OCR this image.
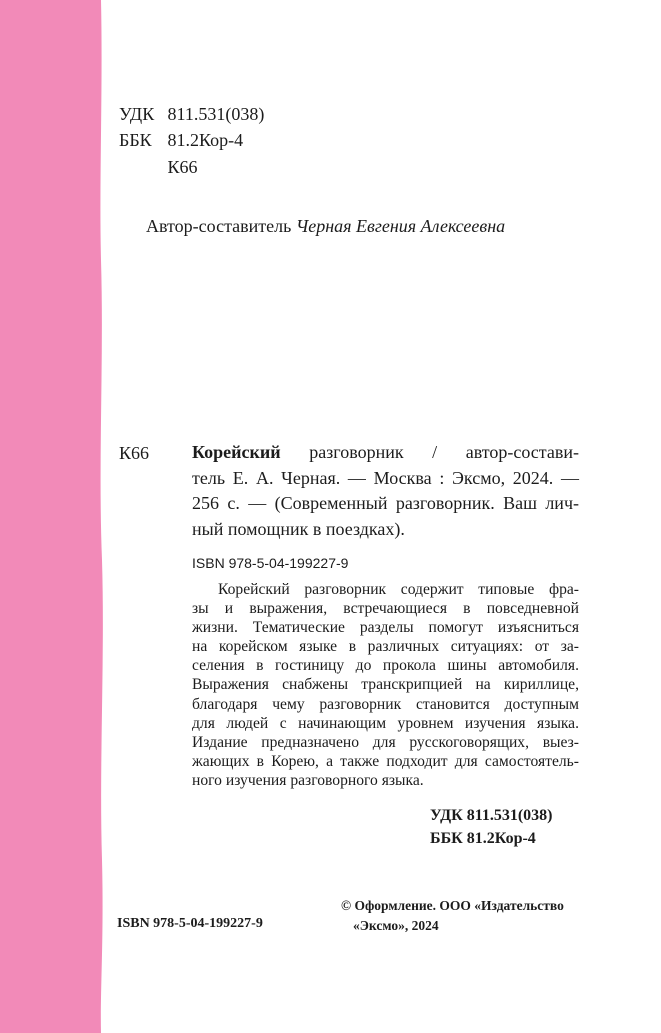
УДК 811.531(038)
ББК 81.2Кор-4
К66
Автор-составитель Черная Евгения Алексеевна
К66 Корейский разговорник / автор-состави-
тель Е. А. Черная. — Москва : Эксмо, 2024. —
256 с. — (Современный разговорник. Ваш лич-
ный помощник в поездках).
ISBN 978-5-04-199227-9
Корейский разговорник содержит типовые фра-
зы и выражения, встречающиеся в повседневной
жизни. Тематические разделы помогут изъясниться
на корейском языке в различных ситуациях: от за-
селения в гостиницу до прокола шины автомобиля.
Выражения снабжены транскрипцией на кириллице,
благодаря чему разговорник становится доступным
для людей с начинающим уровнем изучения языка.
Издание предназначено для русскоговорящих, выез-
жающих в Корею, а также подходит для самостоятель-
ного изучения разговорного языка.
УДК 811.531(038)
ББК 81.2Кор-4
© Оформление. ООО «Издательство
«Эксмо», 2024
ISBN 978-5-04-199227-9
